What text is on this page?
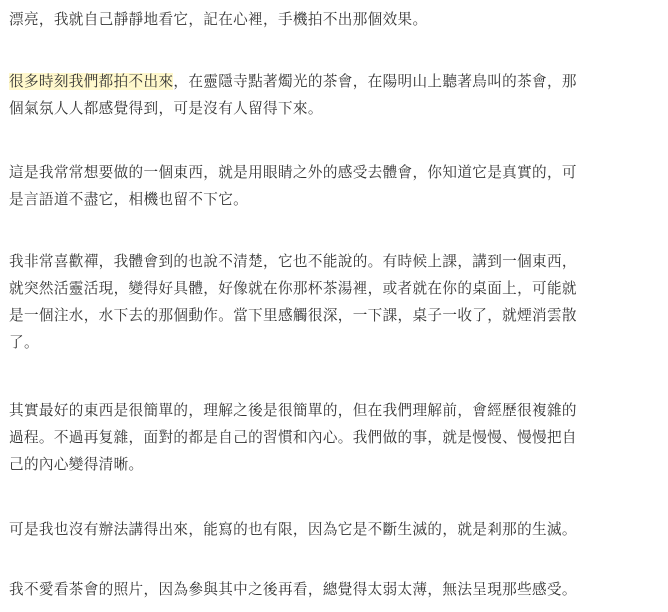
漂亮，我就自己靜靜地看它，記在心裡，手機拍不出那個效果。

很多時刻我們都拍不出來，在靈隱寺點著燭光的茶會，在陽明山上聽著鳥叫的茶會，那
個氣氛人人都感覺得到，可是沒有人留得下來。

這是我常常想要做的一個東西，就是用眼睛之外的感受去體會，你知道它是真實的，可
是言語道不盡它，相機也留不下它。

我非常喜歡禪，我體會到的也說不清楚，它也不能說的。有時候上課，講到一個東西，
就突然活靈活現，變得好具體，好像就在你那杯茶湯裡，或者就在你的桌面上，可能就
是一個注水，水下去的那個動作。當下里感觸很深，一下課，桌子一收了，就煙消雲散
了。

其實最好的東西是很簡單的，理解之後是很簡單的，但在我們理解前，會經歷很複雜的
過程。不過再复雜，面對的都是自己的習慣和內心。我們做的事，就是慢慢、慢慢把自
己的內心變得清晰。

可是我也沒有辦法講得出來，能寫的也有限，因為它是不斷生滅的，就是剎那的生滅。

我不愛看茶會的照片，因為參與其中之後再看，總覺得太弱太薄，無法呈現那些感受。
